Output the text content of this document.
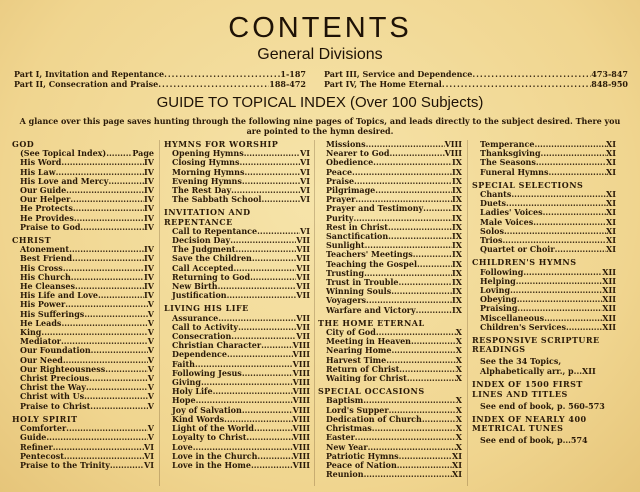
CONTENTS
General Divisions
Part I, Invitation and Repentance .....	1-187
Part II, Consecration and Praise .....	188-472
Part III, Service and Dependence .....	473-847
Part IV, The Home Eternal .....	848-950
GUIDE TO TOPICAL INDEX (Over 100 Subjects)
A glance over this page saves hunting through the following nine pages of Topics, and leads directly to the subject desired. There you are pointed to the hymn desired.
GOD
(See Topical Index) .....	Page
His Word .....	IV
His Law .....	IV
His Love and Mercy .....	IV
Our Guide .....	IV
Our Helper .....	IV
He Protects .....	IV
He Provides .....	IV
Praise to God .....	IV
CHRIST
Atonement .....	IV
Best Friend .....	IV
His Cross .....	IV
His Church .....	IV
He Cleanses .....	IV
His Life and Love .....	IV
His Power .....	V
His Sufferings .....	V
He Leads .....	V
King .....	V
Mediator .....	V
Our Foundation .....	V
Our Need .....	V
Our Righteousness .....	V
Christ Precious .....	V
Christ the Way .....	V
Christ with Us .....	V
Praise to Christ .....	V
HOLY SPIRIT
Comforter .....	V
Guide .....	V
Refiner .....	VI
Pentecost .....	VI
Praise to the Trinity .....	VI
HYMNS FOR WORSHIP
Opening Hymns .....	VI
Closing Hymns .....	VI
Morning Hymns .....	VI
Evening Hymns .....	VI
The Rest Day .....	VI
The Sabbath School .....	VI
INVITATION AND
REPENTANCE
Call to Repentance .....	VI
Decision Day .....	VII
The Judgment .....	VII
Save the Children .....	VII
Call Accepted .....	VII
Returning to God .....	VII
New Birth .....	VII
Justification .....	VII
LIVING HIS LIFE
Assurance .....	VII
Call to Activity .....	VII
Consecration .....	VII
Christian Character .....	VIII
Dependence .....	VIII
Faith .....	VIII
Following Jesus .....	VIII
Giving .....	VIII
Holy Life .....	VIII
Hope .....	VIII
Joy of Salvation .....	VIII
Kind Words .....	VIII
Light of the World .....	VIII
Loyalty to Christ .....	VIII
Love .....	VIII
Love in the Church .....	VIII
Love in the Home .....	VIII
Missions .....	VIII
Nearer to God .....	VIII
Obedience .....	IX
Peace .....	IX
Praise .....	IX
Pilgrimage .....	IX
Prayer .....	IX
Prayer and Testimony .....	IX
Purity .....	IX
Rest in Christ .....	IX
Sanctification .....	IX
Sunlight .....	IX
Teachers' Meetings .....	IX
Teaching the Gospel .....	IX
Trusting .....	IX
Trust in Trouble .....	IX
Winning Souls .....	IX
Voyagers .....	IX
Warfare and Victory .....	IX
THE HOME ETERNAL
City of God .....	X
Meeting in Heaven .....	X
Nearing Home .....	X
Harvest Time .....	X
Return of Christ .....	X
Waiting for Christ .....	X
SPECIAL OCCASIONS
Baptism .....	X
Lord's Supper .....	X
Dedication of Church .....	X
Christmas .....	X
Easter .....	X
New Year .....	X
Patriotic Hymns .....	XI
Peace of Nation .....	XI
Reunion .....	XI
Temperance .....	XI
Thanksgiving .....	XI
The Seasons .....	XI
Funeral Hymns .....	XI
SPECIAL SELECTIONS
Chants .....	XI
Duets .....	XI
Ladies' Voices .....	XI
Male Voices .....	XI
Solos .....	XI
Trios .....	XI
Quartet or Choir .....	XI
CHILDREN'S HYMNS
Following .....	XII
Helping .....	XII
Loving .....	XII
Obeying .....	XII
Praising .....	XII
Miscellaneous .....	XII
Children's Services .....	XII
RESPONSIVE SCRIPTURE
READINGS
See the 34 Topics, Alphabetically arr., p...XII
INDEX OF 1500 FIRST
LINES AND TITLES
See end of book, p. 560-573
INDEX OF NEARLY 400
METRICAL TUNES
See end of book, p...574
